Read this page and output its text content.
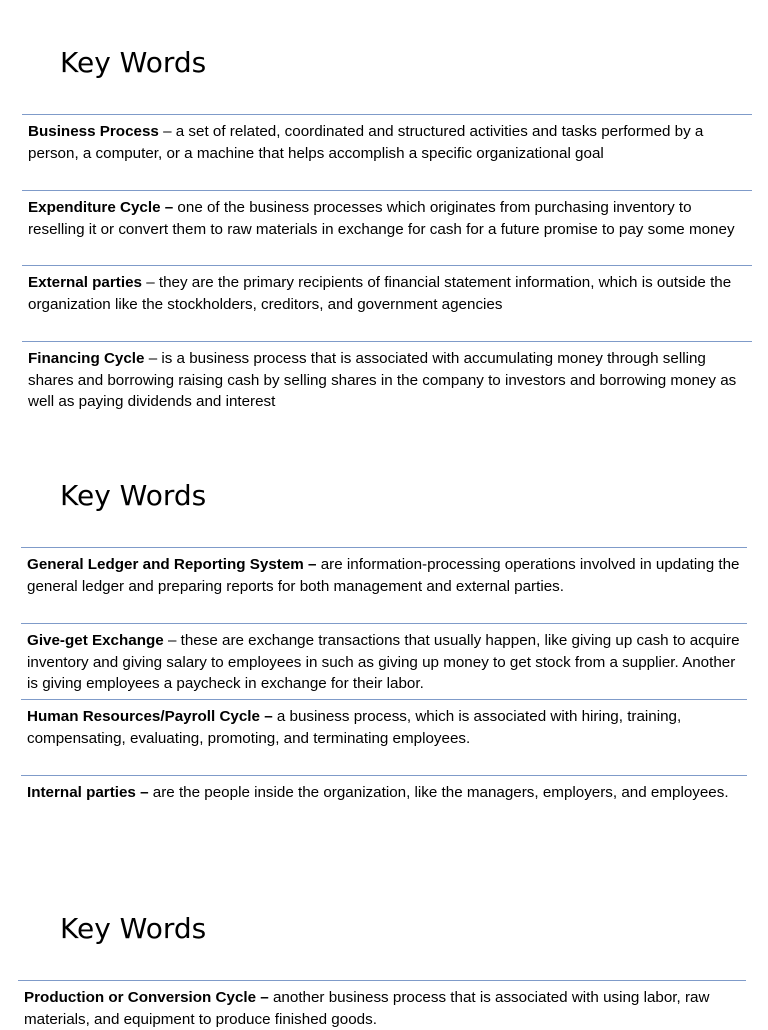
Key Words

Business Process – a set of related, coordinated and structured activities and tasks performed by a person, a computer, or a machine that helps accomplish a specific organizational goal

Expenditure Cycle – one of the business processes which originates from purchasing inventory to reselling it or convert them to raw materials in exchange for cash for a future promise to pay some money

External parties – they are the primary recipients of financial statement information, which is outside the organization like the stockholders, creditors, and government agencies

Financing Cycle – is a business process that is associated with accumulating money through selling shares and borrowing raising cash by selling shares in the company to investors and borrowing money as well as paying dividends and interest

Key Words

General Ledger and Reporting System – are information-processing operations involved in updating the general ledger and preparing reports for both management and external parties.

Give-get Exchange – these are exchange transactions that usually happen, like giving up cash to acquire inventory and giving salary to employees in such as giving up money to get stock from a supplier. Another is giving employees a paycheck in exchange for their labor.

Human Resources/Payroll Cycle – a business process, which is associated with hiring, training, compensating, evaluating, promoting, and terminating employees.

Internal parties – are the people inside the organization, like the managers, employers, and employees.

Key Words

Production or Conversion Cycle – another business process that is associated with using labor, raw materials, and equipment to produce finished goods.
